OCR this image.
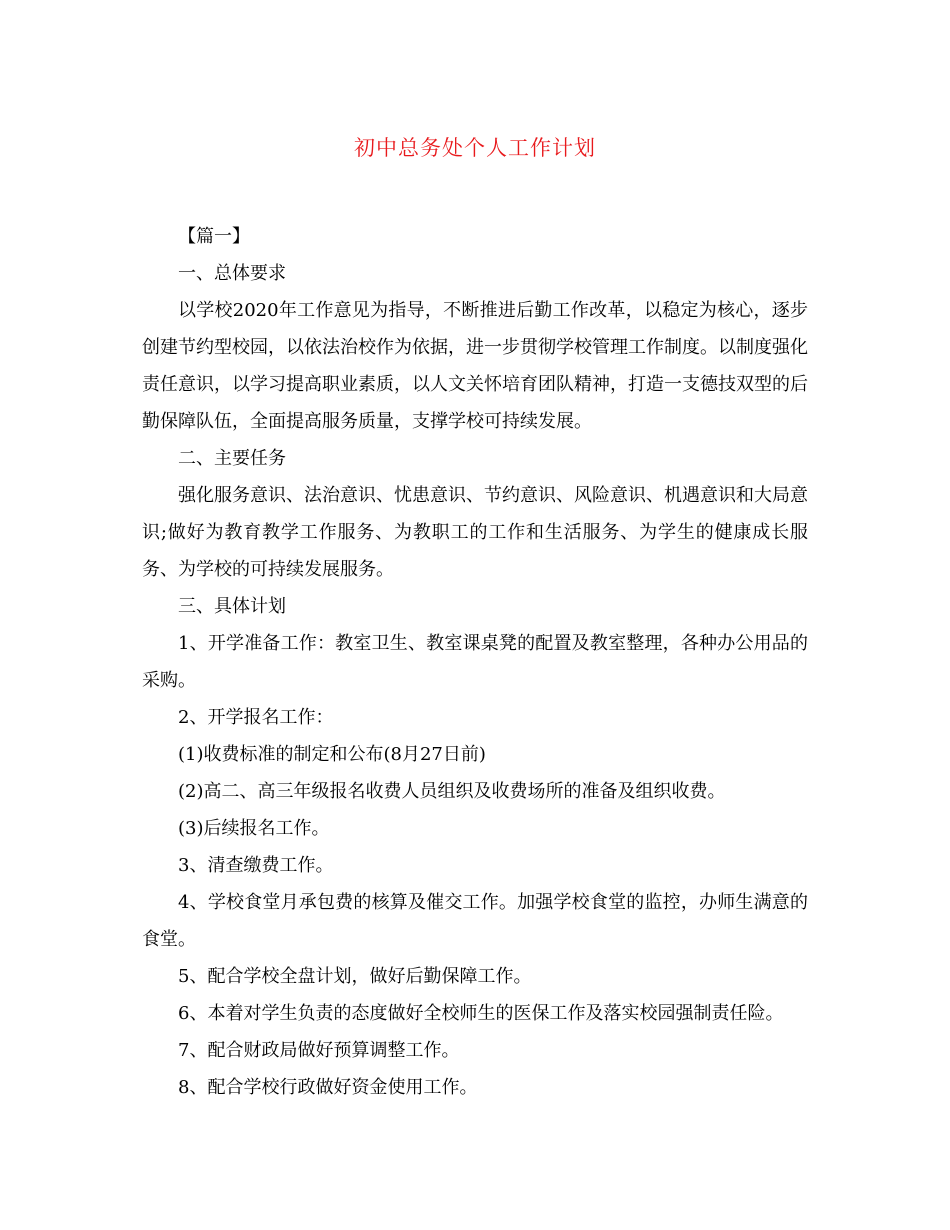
初中总务处个人工作计划

【篇一】

一、总体要求

以学校2020年工作意见为指导，不断推进后勤工作改革，以稳定为核心，逐步创建节约型校园，以依法治校作为依据，进一步贯彻学校管理工作制度。以制度强化责任意识，以学习提高职业素质，以人文关怀培育团队精神，打造一支德技双型的后勤保障队伍，全面提高服务质量，支撑学校可持续发展。

二、主要任务

强化服务意识、法治意识、忧患意识、节约意识、风险意识、机遇意识和大局意识;做好为教育教学工作服务、为教职工的工作和生活服务、为学生的健康成长服务、为学校的可持续发展服务。

三、具体计划

1、开学准备工作：教室卫生、教室课桌凳的配置及教室整理，各种办公用品的采购。

2、开学报名工作：

(1)收费标准的制定和公布(8月27日前)

(2)高二、高三年级报名收费人员组织及收费场所的准备及组织收费。

(3)后续报名工作。

3、清查缴费工作。

4、学校食堂月承包费的核算及催交工作。加强学校食堂的监控，办师生满意的食堂。

5、配合学校全盘计划，做好后勤保障工作。

6、本着对学生负责的态度做好全校师生的医保工作及落实校园强制责任险。

7、配合财政局做好预算调整工作。

8、配合学校行政做好资金使用工作。
